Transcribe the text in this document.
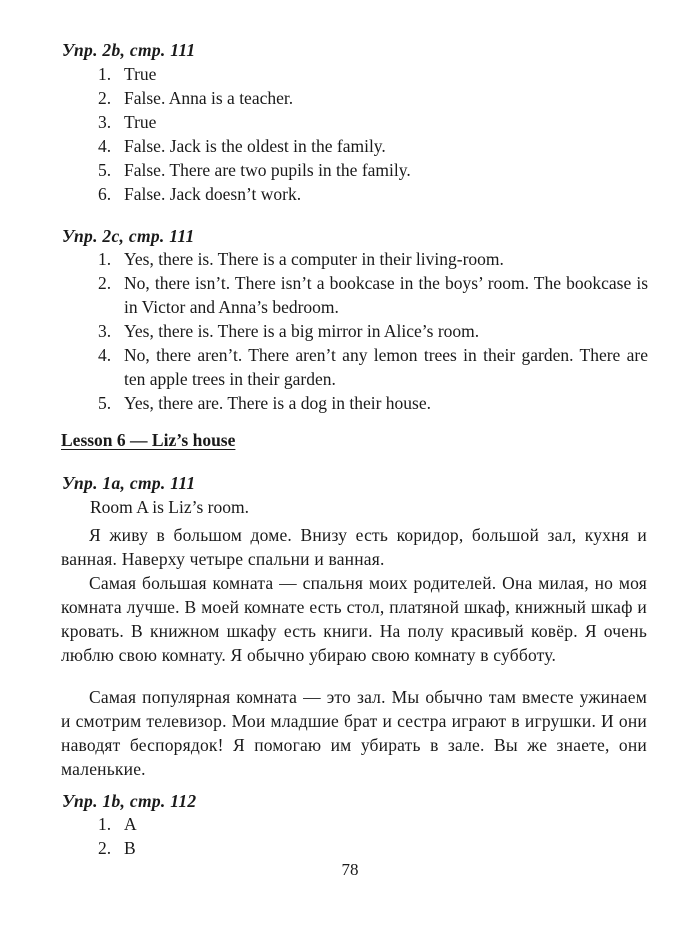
Упр. 2b, стр. 111
1. True
2. False. Anna is a teacher.
3. True
4. False. Jack is the oldest in the family.
5. False. There are two pupils in the family.
6. False. Jack doesn’t work.
Упр. 2c, стр. 111
1. Yes, there is. There is a computer in their living-room.
2. No, there isn’t. There isn’t a bookcase in the boys’ room. The bookcase is in Victor and Anna’s bedroom.
3. Yes, there is. There is a big mirror in Alice’s room.
4. No, there aren’t. There aren’t any lemon trees in their garden. There are ten apple trees in their garden.
5. Yes, there are. There is a dog in their house.
Lesson 6 — Liz’s house
Упр. 1a, стр. 111
Room A is Liz’s room.

Я живу в большом доме. Внизу есть коридор, большой зал, кухня и ванная. Наверху четыре спальни и ванная.

Самая большая комната — спальня моих родителей. Она милая, но моя комната лучше. В моей комнате есть стол, платяной шкаф, книжный шкаф и кровать. В книжном шкафу есть книги. На полу красивый ковёр. Я очень люблю свою комнату. Я обычно убираю свою комнату в субботу.

Самая популярная комната — это зал. Мы обычно там вместе ужинаем и смотрим телевизор. Мои младшие брат и сестра играют в игрушки. И они наводят беспорядок! Я помогаю им убирать в зале. Вы же знаете, они маленькие.

Упр. 1b, стр. 112
1. A
2. B
78
